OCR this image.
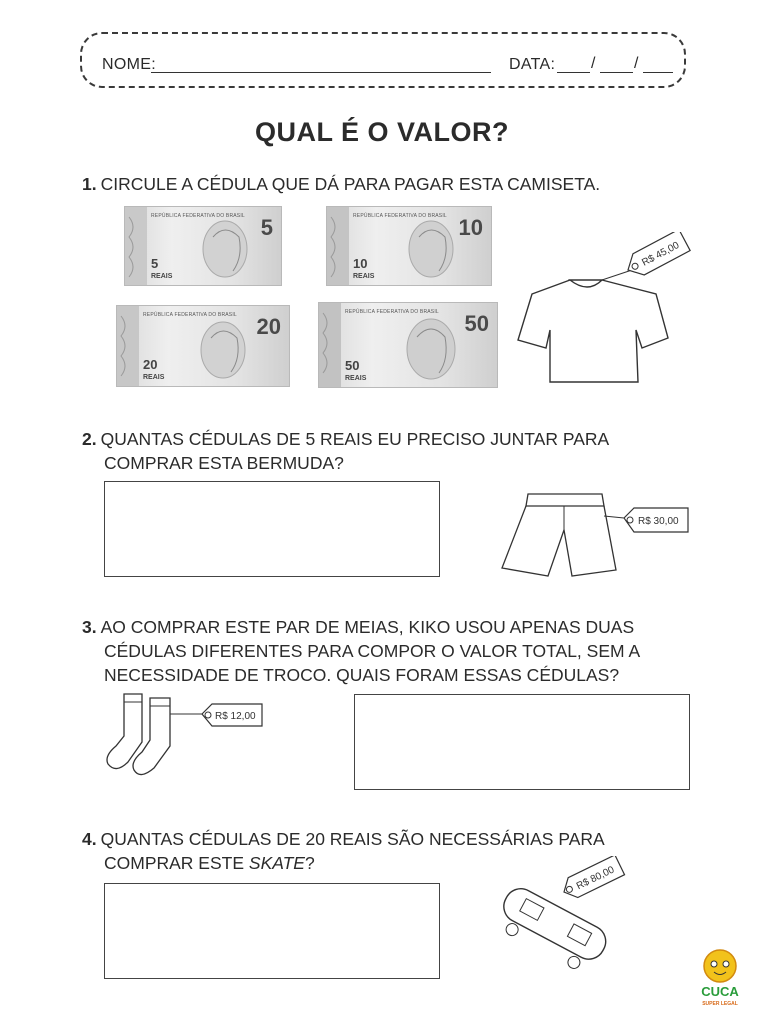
NOME:	DATA: / /
QUAL É O VALOR?
1. CIRCULE A CÉDULA QUE DÁ PARA PAGAR ESTA CAMISETA.
REPÚBLICA FEDERATIVA DO BRASIL 5
5
REAIS
REPÚBLICA FEDERATIVA DO BRASIL 10
10
REAIS
REPÚBLICA FEDERATIVA DO BRASIL 20
20
REAIS
REPÚBLICA FEDERATIVA DO BRASIL 50
50
REAIS
R$ 45,00
2. QUANTAS CÉDULAS DE 5 REAIS EU PRECISO JUNTAR PARA
COMPRAR ESTA BERMUDA?
R$ 30,00
3. AO COMPRAR ESTE PAR DE MEIAS, KIKO USOU APENAS DUAS
CÉDULAS DIFERENTES PARA COMPOR O VALOR TOTAL, SEM A
NECESSIDADE DE TROCO. QUAIS FORAM ESSAS CÉDULAS?
R$ 12,00
4. QUANTAS CÉDULAS DE 20 REAIS SÃO NECESSÁRIAS PARA
COMPRAR ESTE SKATE?
R$ 80,00
CUCA
SUPER LEGAL
